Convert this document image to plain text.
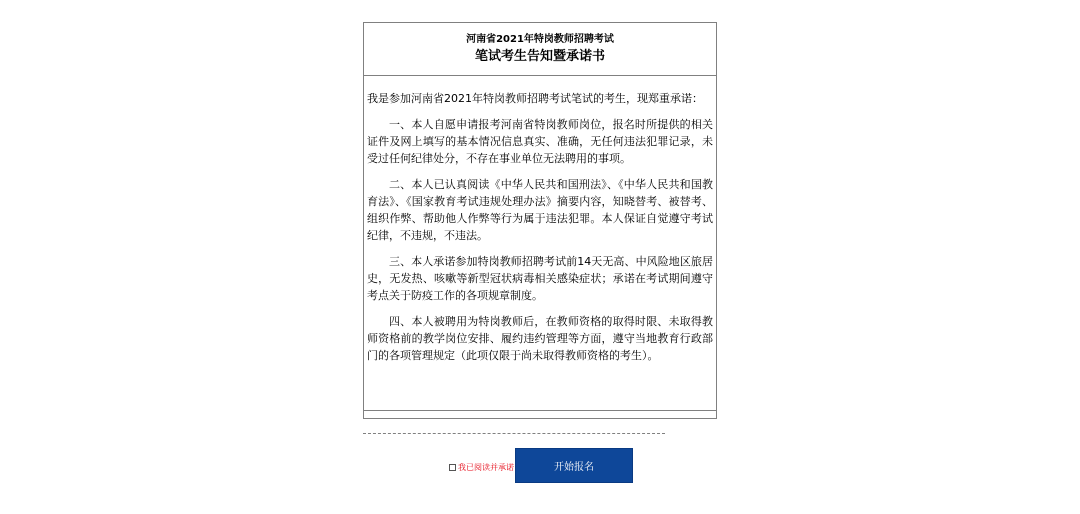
河南省2021年特岗教师招聘考试
笔试考生告知暨承诺书

我是参加河南省2021年特岗教师招聘考试笔试的考生，现郑重承诺：

一、本人自愿申请报考河南省特岗教师岗位，报名时所提供的相关证件及网上填写的基本情况信息真实、准确，无任何违法犯罪记录，未受过任何纪律处分，不存在事业单位无法聘用的事项。

二、本人已认真阅读《中华人民共和国刑法》、《中华人民共和国教育法》、《国家教育考试违规处理办法》摘要内容，知晓替考、被替考、组织作弊、帮助他人作弊等行为属于违法犯罪。本人保证自觉遵守考试纪律，不违规，不违法。

三、本人承诺参加特岗教师招聘考试前14天无高、中风险地区旅居史，无发热、咳嗽等新型冠状病毒相关感染症状；承诺在考试期间遵守考点关于防疫工作的各项规章制度。

四、本人被聘用为特岗教师后，在教师资格的取得时限、未取得教师资格前的教学岗位安排、履约违约管理等方面，遵守当地教育行政部门的各项管理规定（此项仅限于尚未取得教师资格的考生）。

我已阅读并承诺	开始报名
